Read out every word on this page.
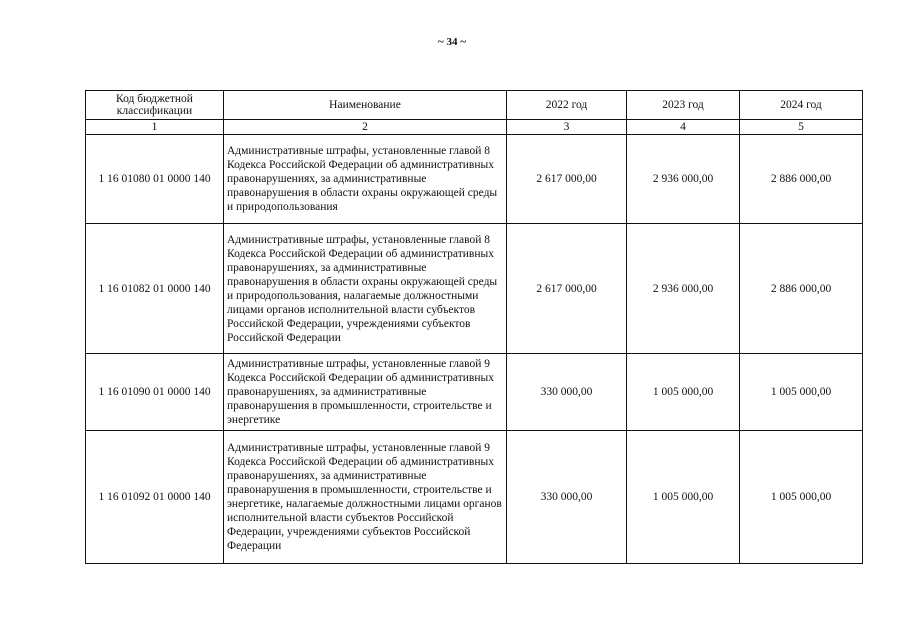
~ 34 ~
Код бюджетной классификации	Наименование	2022 год	2023 год	2024 год
1	2	3	4	5
1 16 01080 01 0000 140	Административные штрафы, установленные главой 8 Кодекса Российской Федерации об административных правонарушениях, за административные правонарушения в области охраны окружающей среды и природопользования	2 617 000,00	2 936 000,00	2 886 000,00
1 16 01082 01 0000 140	Административные штрафы, установленные главой 8 Кодекса Российской Федерации об административных правонарушениях, за административные правонарушения в области охраны окружающей среды и природопользования, налагаемые должностными лицами органов исполнительной власти субъектов Российской Федерации, учреждениями субъектов Российской Федерации	2 617 000,00	2 936 000,00	2 886 000,00
1 16 01090 01 0000 140	Административные штрафы, установленные главой 9 Кодекса Российской Федерации об административных правонарушениях, за административные правонарушения в промышленности, строительстве и энергетике	330 000,00	1 005 000,00	1 005 000,00
1 16 01092 01 0000 140	Административные штрафы, установленные главой 9 Кодекса Российской Федерации об административных правонарушениях, за административные правонарушения в промышленности, строительстве и энергетике, налагаемые должностными лицами органов исполнительной власти субъектов Российской Федерации, учреждениями субъектов Российской Федерации	330 000,00	1 005 000,00	1 005 000,00
